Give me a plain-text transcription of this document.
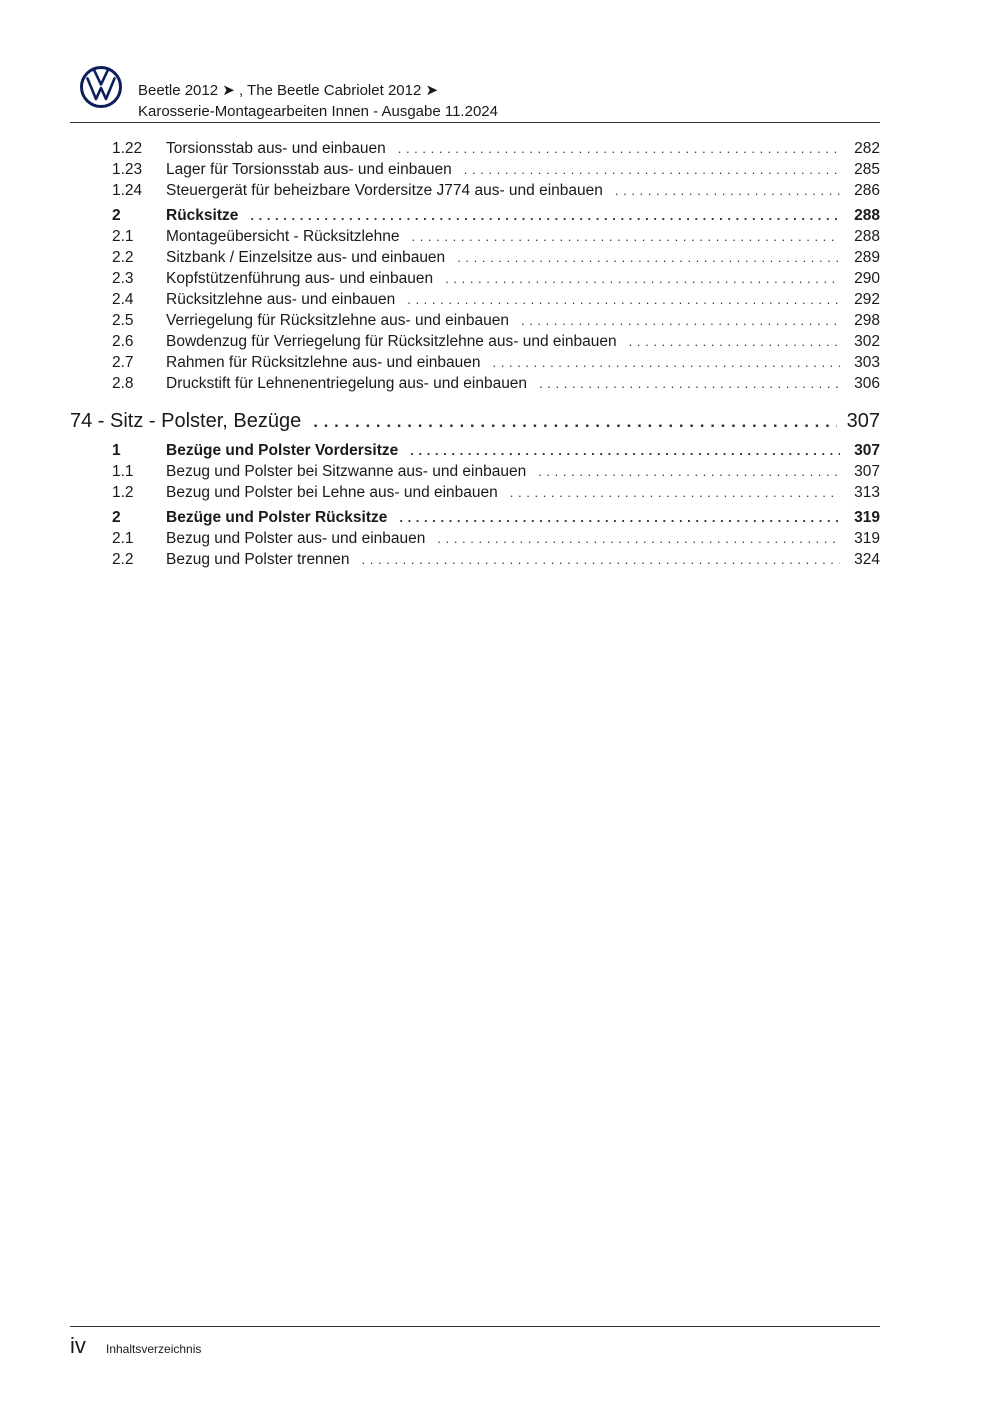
Beetle 2012 ➤ , The Beetle Cabriolet 2012 ➤
Karosserie-Montagearbeiten Innen - Ausgabe 11.2024
1.22 Torsionsstab aus- und einbauen . . .	282
1.23 Lager für Torsionsstab aus- und einbauen . . .	285
1.24 Steuergerät für beheizbare Vordersitze J774 aus- und einbauen . . .	286
2	Rücksitze . . .	288
2.1 Montageübersicht - Rücksitzlehne . . .	288
2.2 Sitzbank / Einzelsitze aus- und einbauen . . .	289
2.3 Kopfstützenführung aus- und einbauen . . .	290
2.4 Rücksitzlehne aus- und einbauen . . .	292
2.5 Verriegelung für Rücksitzlehne aus- und einbauen . . .	298
2.6 Bowdenzug für Verriegelung für Rücksitzlehne aus- und einbauen . . .	302
2.7 Rahmen für Rücksitzlehne aus- und einbauen . . .	303
2.8 Druckstift für Lehnenentriegelung aus- und einbauen . . .	306
74 - Sitz - Polster, Bezüge . . .	307
1	Bezüge und Polster Vordersitze . . .	307
1.1 Bezug und Polster bei Sitzwanne aus- und einbauen . . .	307
1.2 Bezug und Polster bei Lehne aus- und einbauen . . .	313
2	Bezüge und Polster Rücksitze . . .	319
2.1 Bezug und Polster aus- und einbauen . . .	319
2.2 Bezug und Polster trennen . . .	324
iv Inhaltsverzeichnis
